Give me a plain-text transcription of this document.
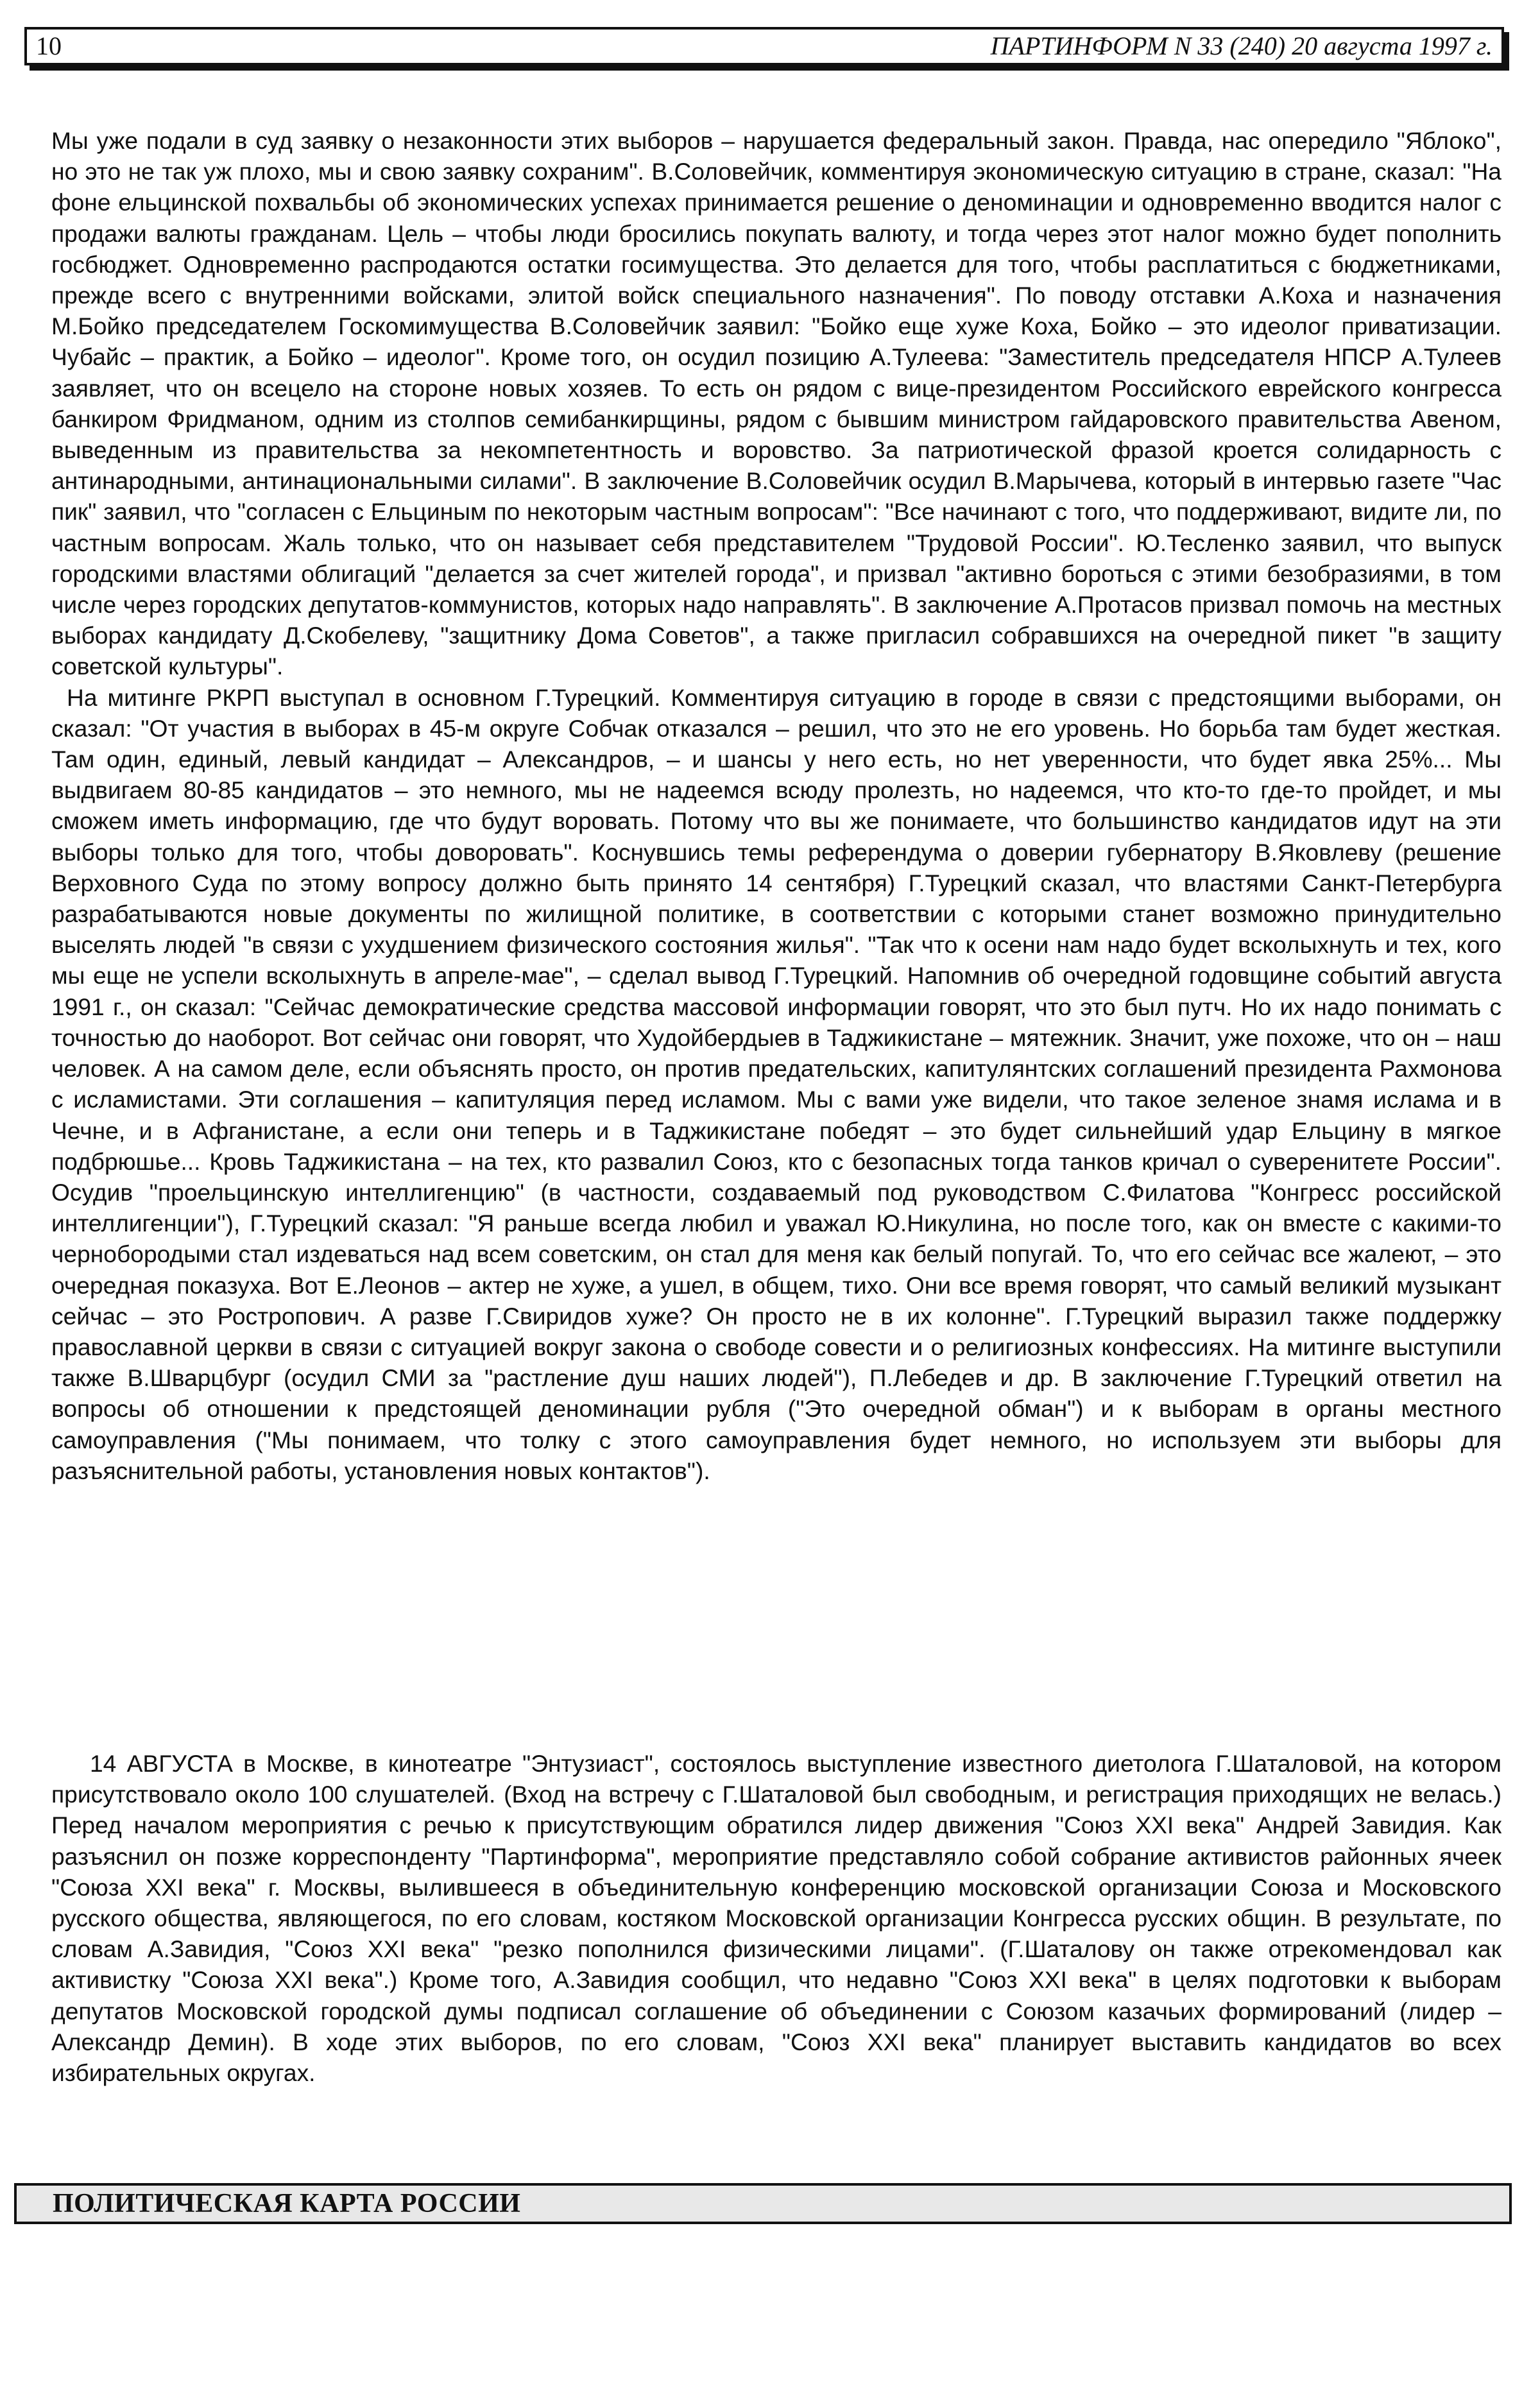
10	ПАРТИНФОРМ N 33 (240) 20 августа 1997 г.

Мы уже подали в суд заявку о незаконности этих выборов – нарушается федеральный закон. Правда, нас опередило "Яблоко", но это не так уж плохо, мы и свою заявку сохраним". В.Соловейчик, комментируя экономическую ситуацию в стране, сказал: "На фоне ельцинской похвальбы об экономических успехах принимается решение о деноминации и одновременно вводится налог с продажи валюты гражданам. Цель – чтобы люди бросились покупать валюту, и тогда через этот налог можно будет пополнить госбюджет. Одновременно распродаются остатки госимущества. Это делается для того, чтобы расплатиться с бюджетниками, прежде всего с внутренними войсками, элитой войск специального назначения". По поводу отставки А.Коха и назначения М.Бойко председателем Госкомимущества В.Соловейчик заявил: "Бойко еще хуже Коха, Бойко – это идеолог приватизации. Чубайс – практик, а Бойко – идеолог". Кроме того, он осудил позицию А.Тулеева: "Заместитель председателя НПСР А.Тулеев заявляет, что он всецело на стороне новых хозяев. То есть он рядом с вице-президентом Российского еврейского конгресса банкиром Фридманом, одним из столпов семибанкирщины, рядом с бывшим министром гайдаровского правительства Авеном, выведенным из правительства за некомпетентность и воровство. За патриотической фразой кроется солидарность с антинародными, антинациональными силами". В заключение В.Соловейчик осудил В.Марычева, который в интервью газете "Час пик" заявил, что "согласен с Ельциным по некоторым частным вопросам": "Все начинают с того, что поддерживают, видите ли, по частным вопросам. Жаль только, что он называет себя представителем "Трудовой России". Ю.Тесленко заявил, что выпуск городскими властями облигаций "делается за счет жителей города", и призвал "активно бороться с этими безобразиями, в том числе через городских депутатов-коммунистов, которых надо направлять". В заключение А.Протасов призвал помочь на местных выборах кандидату Д.Скобелеву, "защитнику Дома Советов", а также пригласил собравшихся на очередной пикет "в защиту советской культуры".

На митинге РКРП выступал в основном Г.Турецкий. Комментируя ситуацию в городе в связи с предстоящими выборами, он сказал: "От участия в выборах в 45-м округе Собчак отказался – решил, что это не его уровень. Но борьба там будет жесткая. Там один, единый, левый кандидат – Александров, – и шансы у него есть, но нет уверенности, что будет явка 25%... Мы выдвигаем 80-85 кандидатов – это немного, мы не надеемся всюду пролезть, но надеемся, что кто-то где-то пройдет, и мы сможем иметь информацию, где что будут воровать. Потому что вы же понимаете, что большинство кандидатов идут на эти выборы только для того, чтобы доворовать". Коснувшись темы референдума о доверии губернатору В.Яковлеву (решение Верховного Суда по этому вопросу должно быть принято 14 сентября) Г.Турецкий сказал, что властями Санкт-Петербурга разрабатываются новые документы по жилищной политике, в соответствии с которыми станет возможно принудительно выселять людей "в связи с ухудшением физического состояния жилья". "Так что к осени нам надо будет всколыхнуть и тех, кого мы еще не успели всколыхнуть в апреле-мае", – сделал вывод Г.Турецкий. Напомнив об очередной годовщине событий августа 1991 г., он сказал: "Сейчас демократические средства массовой информации говорят, что это был путч. Но их надо понимать с точностью до наоборот. Вот сейчас они говорят, что Худойбердыев в Таджикистане – мятежник. Значит, уже похоже, что он – наш человек. А на самом деле, если объяснять просто, он против предательских, капитулянтских соглашений президента Рахмонова с исламистами. Эти соглашения – капитуляция перед исламом. Мы с вами уже видели, что такое зеленое знамя ислама и в Чечне, и в Афганистане, а если они теперь и в Таджикистане победят – это будет сильнейший удар Ельцину в мягкое подбрюшье... Кровь Таджикистана – на тех, кто развалил Союз, кто с безопасных тогда танков кричал о суверенитете России". Осудив "проельцинскую интеллигенцию" (в частности, создаваемый под руководством С.Филатова "Конгресс российской интеллигенции"), Г.Турецкий сказал: "Я раньше всегда любил и уважал Ю.Никулина, но после того, как он вместе с какими-то чернобородыми стал издеваться над всем советским, он стал для меня как белый попугай. То, что его сейчас все жалеют, – это очередная показуха. Вот Е.Леонов – актер не хуже, а ушел, в общем, тихо. Они все время говорят, что самый великий музыкант сейчас – это Ростропович. А разве Г.Свиридов хуже? Он просто не в их колонне". Г.Турецкий выразил также поддержку православной церкви в связи с ситуацией вокруг закона о свободе совести и о религиозных конфессиях. На митинге выступили также В.Шварцбург (осудил СМИ за "растление душ наших людей"), П.Лебедев и др. В заключение Г.Турецкий ответил на вопросы об отношении к предстоящей деноминации рубля ("Это очередной обман") и к выборам в органы местного самоуправления ("Мы понимаем, что толку с этого самоуправления будет немного, но используем эти выборы для разъяснительной работы, установления новых контактов").

14 АВГУСТА в Москве, в кинотеатре "Энтузиаст", состоялось выступление известного диетолога Г.Шаталовой, на котором присутствовало около 100 слушателей. (Вход на встречу с Г.Шаталовой был свободным, и регистрация приходящих не велась.) Перед началом мероприятия с речью к присутствующим обратился лидер движения "Союз XXI века" Андрей Завидия. Как разъяснил он позже корреспонденту "Партинформа", мероприятие представляло собой собрание активистов районных ячеек "Союза XXI века" г. Москвы, вылившееся в объединительную конференцию московской организации Союза и Московского русского общества, являющегося, по его словам, костяком Московской организации Конгресса русских общин. В результате, по словам А.Завидия, "Союз XXI века" "резко пополнился физическими лицами". (Г.Шаталову он также отрекомендовал как активистку "Союза XXI века".) Кроме того, А.Завидия сообщил, что недавно "Союз XXI века" в целях подготовки к выборам депутатов Московской городской думы подписал соглашение об объединении с Союзом казачьих формирований (лидер – Александр Демин). В ходе этих выборов, по его словам, "Союз XXI века" планирует выставить кандидатов во всех избирательных округах.

ПОЛИТИЧЕСКАЯ КАРТА РОССИИ
